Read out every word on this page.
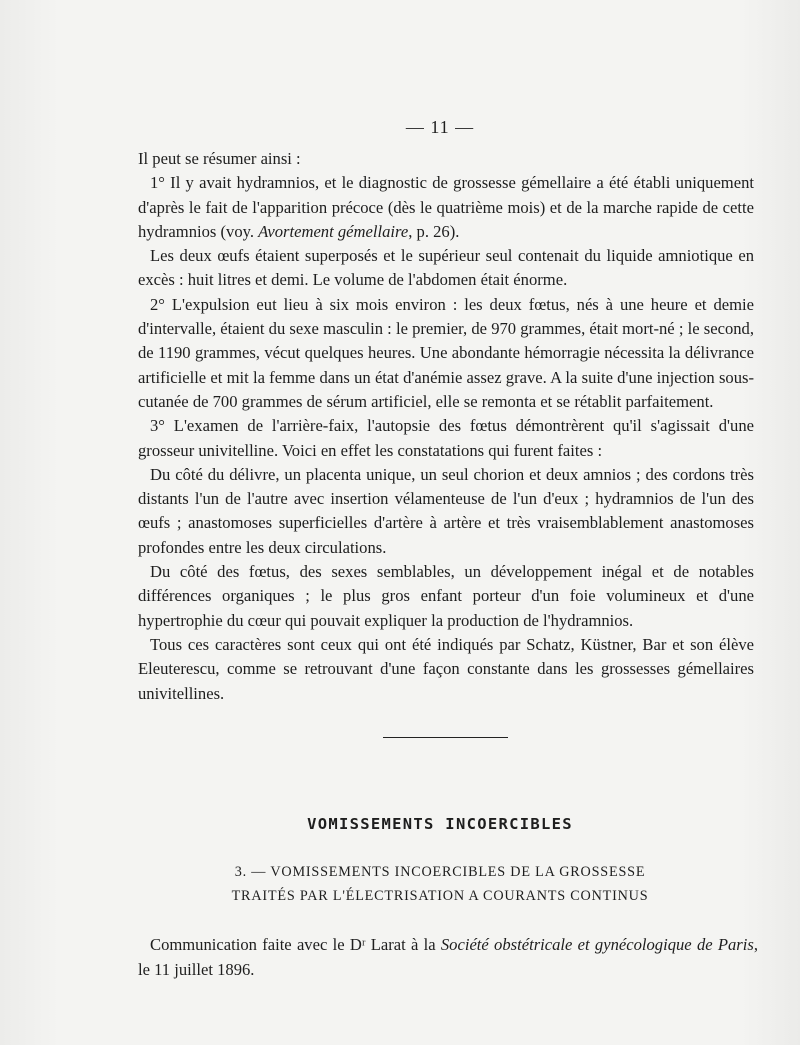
— 11 —

Il peut se résumer ainsi :

1° Il y avait hydramnios, et le diagnostic de grossesse gémellaire a été établi uniquement d'après le fait de l'apparition précoce (dès le quatrième mois) et de la marche rapide de cette hydramnios (voy. Avortement gémellaire, p. 26).

Les deux œufs étaient superposés et le supérieur seul contenait du liquide amniotique en excès : huit litres et demi. Le volume de l'abdomen était énorme.

2° L'expulsion eut lieu à six mois environ : les deux fœtus, nés à une heure et demie d'intervalle, étaient du sexe masculin : le premier, de 970 grammes, était mort-né ; le second, de 1190 grammes, vécut quelques heures. Une abondante hémorragie nécessita la délivrance artificielle et mit la femme dans un état d'anémie assez grave. A la suite d'une injection sous-cutanée de 700 grammes de sérum artificiel, elle se remonta et se rétablit parfaitement.

3° L'examen de l'arrière-faix, l'autopsie des fœtus démontrèrent qu'il s'agissait d'une grosseur univitelline. Voici en effet les constatations qui furent faites :

Du côté du délivre, un placenta unique, un seul chorion et deux amnios ; des cordons très distants l'un de l'autre avec insertion vélamenteuse de l'un d'eux ; hydramnios de l'un des œufs ; anastomoses superficielles d'artère à artère et très vraisemblablement anastomoses profondes entre les deux circulations.

Du côté des fœtus, des sexes semblables, un développement inégal et de notables différences organiques ; le plus gros enfant porteur d'un foie volumineux et d'une hypertrophie du cœur qui pouvait expliquer la production de l'hydramnios.

Tous ces caractères sont ceux qui ont été indiqués par Schatz, Küstner, Bar et son élève Eleuterescu, comme se retrouvant d'une façon constante dans les grossesses gémellaires univitellines.

VOMISSEMENTS INCOERCIBLES
3. — VOMISSEMENTS INCOERCIBLES DE LA GROSSESSE
TRAITÉS PAR L'ÉLECTRISATION A COURANTS CONTINUS
Communication faite avec le Dʳ Larat à la Société obstétricale et gynécologique de Paris, le 11 juillet 1896.
